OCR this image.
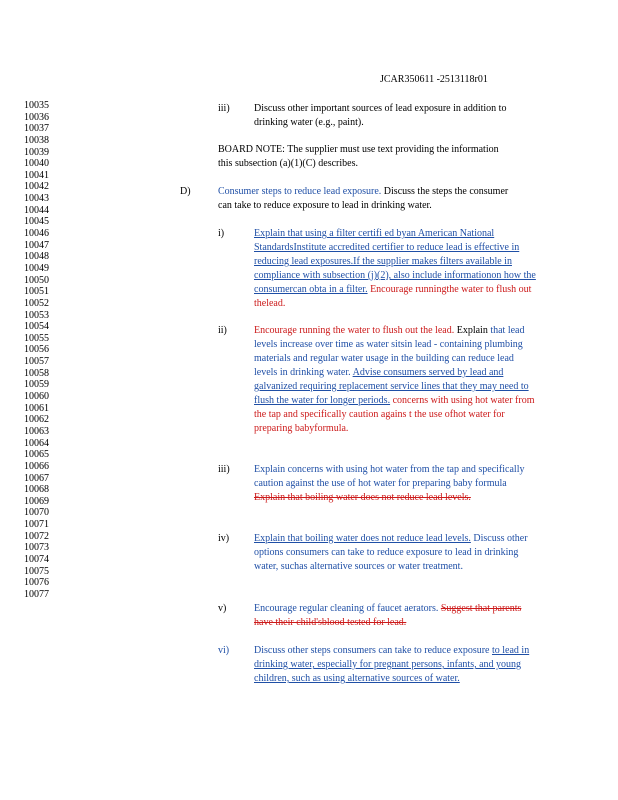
JCAR350611 -2513118r01
10035
10036
10037
10038
10039
10040
10041
10042
10043
10044
10045
10046
10047
10048
10049
10050
10051
10052
10053
10054
10055
10056
10057
10058
10059
10060
10061
10062
10063
10064
10065
10066
10067
10068
10069
10070
10071
10072
10073
10074
10075
10076
10077
iii) Discuss other important sources of lead exposure in addition to drinking water (e.g., paint).
BOARD NOTE: The supplier must use text providing the information this subsection (a)(1)(C) describes.
D)	Consumer steps to reduce lead exposure. Discuss the steps the consumer can take to reduce exposure to lead in drinking water.
i)	Explain that using a filter certifi ed byan American National StandardsInstitute accredited certifier to reduce lead is effective in reducing lead exposures.If the supplier makes filters available in compliance with subsection (j)(2), also include informationon how the consumercan obta in a filter. Encourage runningthe water to flush out thelead.
ii)	Encourage running the water to flush out the lead. Explain that lead levels increase over time as water sitsin lead - containing plumbing materials and regular water usage in the building can reduce lead levels in drinking water. Advise consumers served by lead and galvanized requiring replacement service lines that they may need to flush the water for longer periods. concerns with using hot water from the tap and specifically caution agains t the use ofhot water for preparing babyformula.
iii) Explain concerns with using hot water from the tap and specifically caution against the use of hot water for preparing baby formula Explain that boiling water does not reduce lead levels.
iv) Explain that boiling water does not reduce lead levels. Discuss other options consumers can take to reduce exposure to lead in drinking water, suchas alternative sources or water treatment.
v)	Encourage regular cleaning of faucet aerators. Suggest that parents have their child'sblood tested for lead.
vi) Discuss other steps consumers can take to reduce exposure to lead in drinking water, especially for pregnant persons, infants, and young children, such as using alternative sources of water.
